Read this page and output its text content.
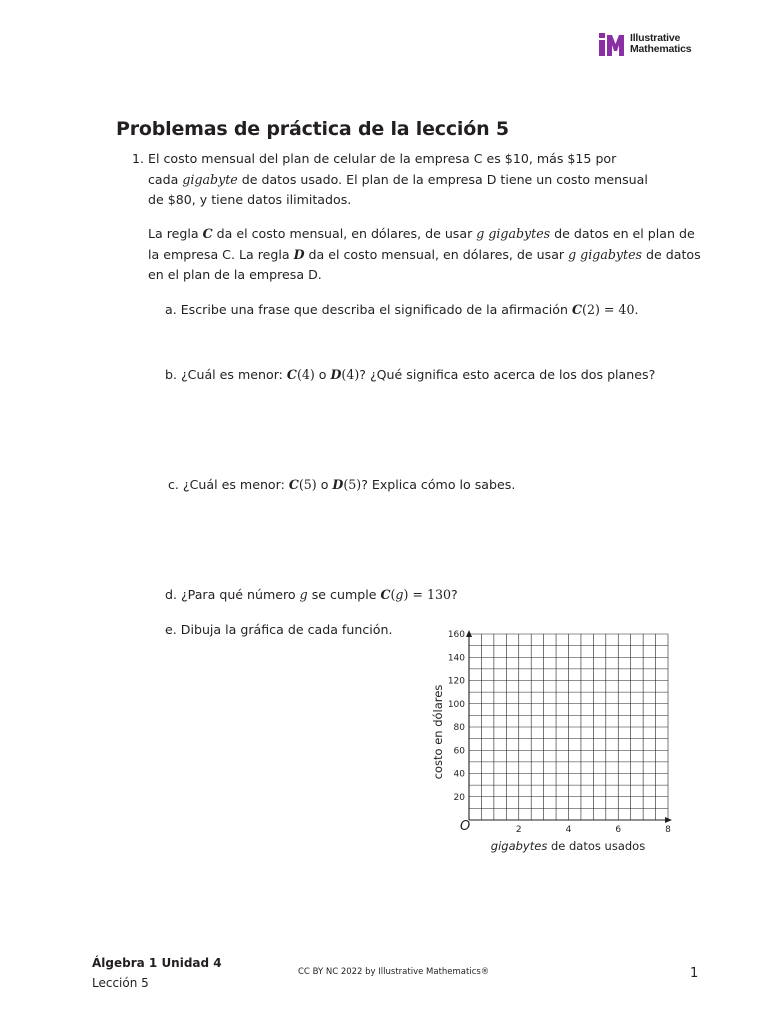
Illustrative
Mathematics
Problemas de práctica de la lección 5
1. El costo mensual del plan de celular de la empresa C es $10, más $15 por
cada gigabyte de datos usado. El plan de la empresa D tiene un costo mensual
de $80, y tiene datos ilimitados.
La regla C da el costo mensual, en dólares, de usar g gigabytes de datos en el plan de
la empresa C. La regla D da el costo mensual, en dólares, de usar g gigabytes de datos
en el plan de la empresa D.
a. Escribe una frase que describa el significado de la afirmación C(2) = 40.
b. ¿Cuál es menor: C(4) o D(4)? ¿Qué significa esto acerca de los dos planes?
c. ¿Cuál es menor: C(5) o D(5)? Explica cómo lo sabes.
d. ¿Para qué número g se cumple C(g) = 130?
e. Dibuja la gráfica de cada función.
20
40
60
80
100
120
140
160
2	4	6	8
costo en dólares
gigabytes de datos usados
O
Álgebra 1 Unidad 4
Lección 5
CC BY NC 2022 by Illustrative Mathematics®	1
